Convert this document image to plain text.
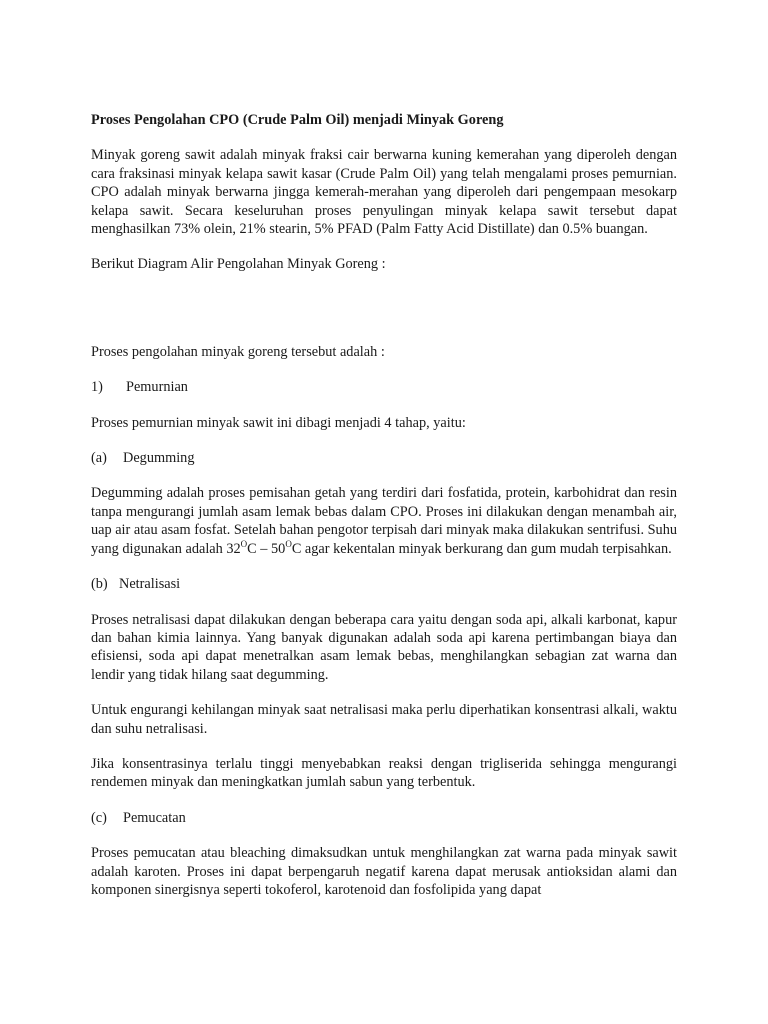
Proses Pengolahan CPO (Crude Palm Oil) menjadi Minyak Goreng

Minyak goreng sawit adalah minyak fraksi cair berwarna kuning kemerahan yang diperoleh dengan cara fraksinasi minyak kelapa sawit kasar (Crude Palm Oil) yang telah mengalami proses pemurnian. CPO adalah minyak berwarna jingga kemerah-merahan yang diperoleh dari pengempaan mesokarp kelapa sawit. Secara keseluruhan proses penyulingan minyak kelapa sawit tersebut dapat menghasilkan 73% olein, 21% stearin, 5% PFAD (Palm Fatty Acid Distillate) dan 0.5% buangan.

Berikut Diagram Alir Pengolahan Minyak Goreng :

Proses pengolahan minyak goreng tersebut adalah :

1)	Pemurnian

Proses pemurnian minyak sawit ini dibagi menjadi 4 tahap, yaitu:

(a)	Degumming

Degumming adalah proses pemisahan getah yang terdiri dari fosfatida, protein, karbohidrat dan resin tanpa mengurangi jumlah asam lemak bebas dalam CPO. Proses ini dilakukan dengan menambah air, uap air atau asam fosfat. Setelah bahan pengotor terpisah dari minyak maka dilakukan sentrifusi. Suhu yang digunakan adalah $32^OC - 50^OC$ agar kekentalan minyak berkurang dan gum mudah terpisahkan.

(b) Netralisasi

Proses netralisasi dapat dilakukan dengan beberapa cara yaitu dengan soda api, alkali karbonat, kapur dan bahan kimia lainnya. Yang banyak digunakan adalah soda api karena pertimbangan biaya dan efisiensi, soda api dapat menetralkan asam lemak bebas, menghilangkan sebagian zat warna dan lendir yang tidak hilang saat degumming.

Untuk engurangi kehilangan minyak saat netralisasi maka perlu diperhatikan konsentrasi alkali, waktu dan suhu netralisasi.

Jika konsentrasinya terlalu tinggi menyebabkan reaksi dengan trigliserida sehingga mengurangi rendemen minyak dan meningkatkan jumlah sabun yang terbentuk.

(c)	Pemucatan

Proses pemucatan atau bleaching dimaksudkan untuk menghilangkan zat warna pada minyak sawit adalah karoten. Proses ini dapat berpengaruh negatif karena dapat merusak antioksidan alami dan komponen sinergisnya seperti tokoferol, karotenoid dan fosfolipida yang dapat
